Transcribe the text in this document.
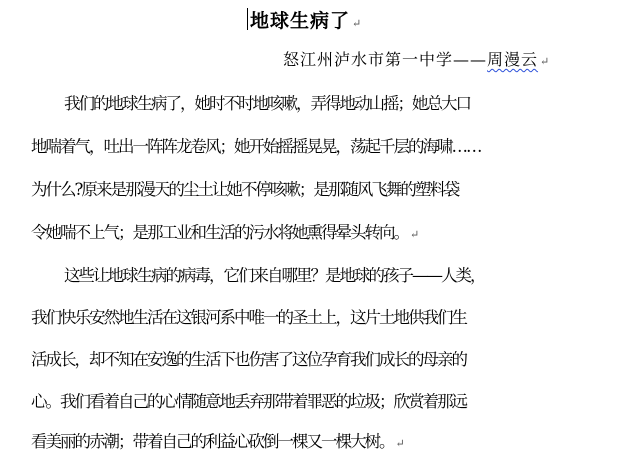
地球生病了 ↵
怒江州泸水市第一中学——周漫云 ↵
我们的地球生病了，她时不时地咳嗽，弄得地动山摇；她总大口
地喘着气，吐出一阵阵龙卷风；她开始摇摇晃晃，荡起千层的海啸……
为什么?原来是那漫天的尘土让她不停咳嗽；是那随风飞舞的塑料袋
令她喘不上气；是那工业和生活的污水将她熏得晕头转向。 ↵
这些让地球生病的病毒，它们来自哪里？是地球的孩子——人类，
我们快乐安然地生活在这银河系中唯一的圣土上，这片土地供我们生
活成长，却不知在安逸的生活下也伤害了这位孕育我们成长的母亲的
心。我们看着自己的心情随意地丢弃那带着罪恶的垃圾；欣赏着那远
看美丽的赤潮；带着自己的利益心砍倒一棵又一棵大树。 ↵
